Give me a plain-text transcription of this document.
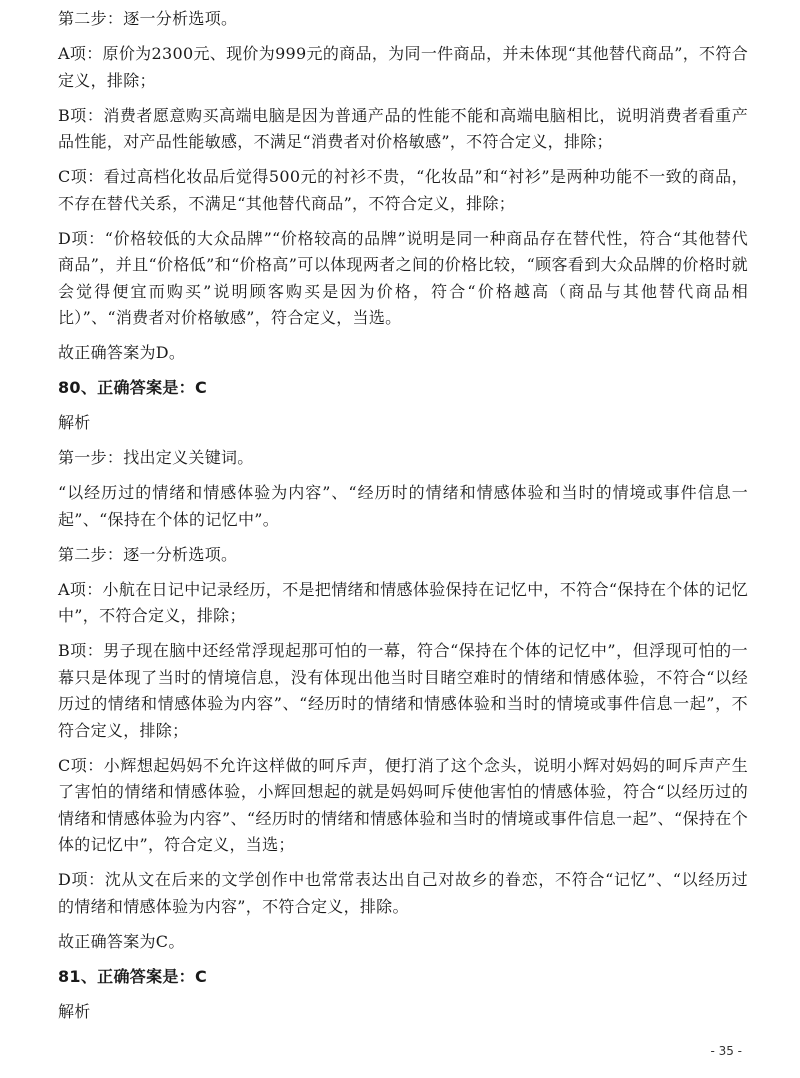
第二步：逐一分析选项。

A项：原价为2300元、现价为999元的商品，为同一件商品，并未体现“其他替代商品”，不符合定义，排除；

B项：消费者愿意购买高端电脑是因为普通产品的性能不能和高端电脑相比，说明消费者看重产品性能，对产品性能敏感，不满足“消费者对价格敏感”，不符合定义，排除；

C项：看过高档化妆品后觉得500元的衬衫不贵，“化妆品”和“衬衫”是两种功能不一致的商品，不存在替代关系，不满足“其他替代商品”，不符合定义，排除；

D项：“价格较低的大众品牌”“价格较高的品牌”说明是同一种商品存在替代性，符合“其他替代商品”，并且“价格低”和“价格高”可以体现两者之间的价格比较，“顾客看到大众品牌的价格时就会觉得便宜而购买”说明顾客购买是因为价格，符合“价格越高（商品与其他替代商品相比）”、“消费者对价格敏感”，符合定义，当选。

故正确答案为D。

80、正确答案是：C

解析

第一步：找出定义关键词。

“以经历过的情绪和情感体验为内容”、“经历时的情绪和情感体验和当时的情境或事件信息一起”、“保持在个体的记忆中”。

第二步：逐一分析选项。

A项：小航在日记中记录经历，不是把情绪和情感体验保持在记忆中，不符合“保持在个体的记忆中”，不符合定义，排除；

B项：男子现在脑中还经常浮现起那可怕的一幕，符合“保持在个体的记忆中”，但浮现可怕的一幕只是体现了当时的情境信息，没有体现出他当时目睹空难时的情绪和情感体验，不符合“以经历过的情绪和情感体验为内容”、“经历时的情绪和情感体验和当时的情境或事件信息一起”，不符合定义，排除；

C项：小辉想起妈妈不允许这样做的呵斥声，便打消了这个念头，说明小辉对妈妈的呵斥声产生了害怕的情绪和情感体验，小辉回想起的就是妈妈呵斥使他害怕的情感体验，符合“以经历过的情绪和情感体验为内容”、“经历时的情绪和情感体验和当时的情境或事件信息一起”、“保持在个体的记忆中”，符合定义，当选；

D项：沈从文在后来的文学创作中也常常表达出自己对故乡的眷恋，不符合“记忆”、“以经历过的情绪和情感体验为内容”，不符合定义，排除。

故正确答案为C。

81、正确答案是：C

解析

- 35 -
